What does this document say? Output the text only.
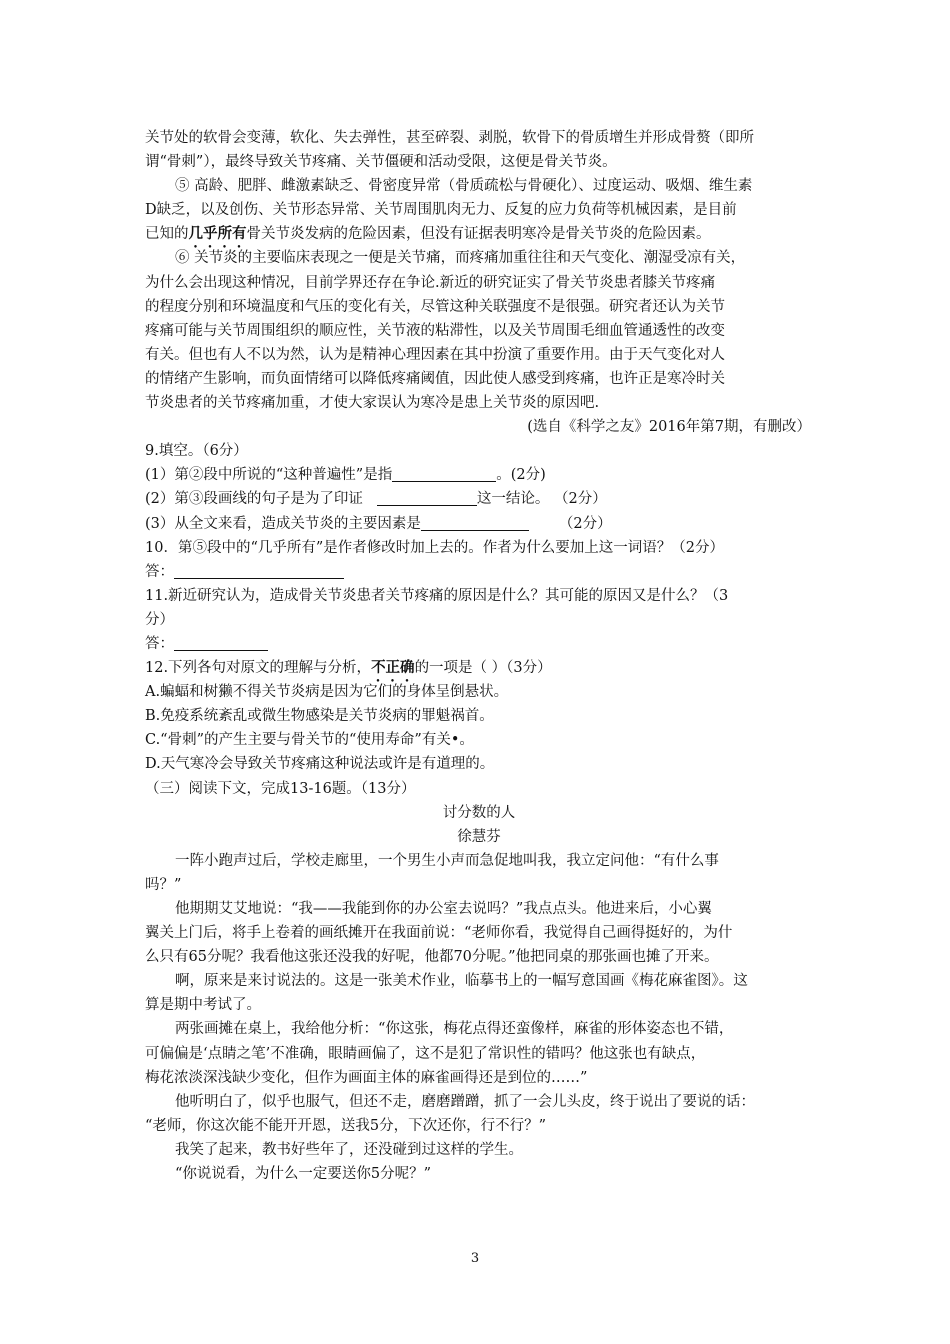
关节处的软骨会变薄，软化、失去弹性，甚至碎裂、剥脱，软骨下的骨质增生并形成骨赘（即所
谓“骨刺”），最终导致关节疼痛、关节僵硬和活动受限，这便是骨关节炎。
⑤ 高龄、肥胖、雌激素缺乏、骨密度异常（骨质疏松与骨硬化）、过度运动、吸烟、维生素
D缺乏，以及创伤、关节形态异常、关节周围肌肉无力、反复的应力负荷等机械因素，是目前
已知的几乎所有骨关节炎发病的危险因素，但没有证据表明寒冷是骨关节炎的危险因素。
⑥ 关节炎的主要临床表现之一便是关节痛，而疼痛加重往往和天气变化、潮湿受凉有关，
为什么会出现这种情况，目前学界还存在争论.新近的研究证实了骨关节炎患者膝关节疼痛
的程度分别和环境温度和气压的变化有关，尽管这种关联强度不是很强。研究者还认为关节
疼痛可能与关节周围组织的顺应性，关节液的粘滞性，以及关节周围毛细血管通透性的改变
有关。但也有人不以为然，认为是精神心理因素在其中扮演了重要作用。由于天气变化对人
的情绪产生影响，而负面情绪可以降低疼痛阈值，因此使人感受到疼痛，也许正是寒冷时关
节炎患者的关节疼痛加重，才使大家误认为寒冷是患上关节炎的原因吧.
(选自《科学之友》2016年第7期，有删改）
9.填空。（6分）
(1）第②段中所说的“这种普遍性”是指	。(2分)
(2）第③段画线的句子是为了印证	这一结论。 （2分）
(3）从全文来看，造成关节炎的主要因素是	（2分）
10．第⑤段中的“几乎所有”是作者修改时加上去的。作者为什么要加上这一词语？（2分）
答：
11.新近研究认为，造成骨关节炎患者关节疼痛的原因是什么？其可能的原因又是什么？（3
分）
答：
12.下列各句对原文的理解与分析，不正确的一项是（ ）（3分）
A.蝙蝠和树獭不得关节炎病是因为它们的身体呈倒悬状。
B.免疫系统紊乱或微生物感染是关节炎病的罪魁祸首。
C.“骨刺”的产生主要与骨关节的“使用寿命”有关•。
D.天气寒冷会导致关节疼痛这种说法或许是有道理的。
（三）阅读下文，完成13-16题。（13分）
讨分数的人
徐慧芬
一阵小跑声过后，学校走廊里，一个男生小声而急促地叫我，我立定问他：“有什么事
吗？”
他期期艾艾地说：“我——我能到你的办公室去说吗？”我点点头。他进来后，小心翼
翼关上门后，将手上卷着的画纸摊开在我面前说：“老师你看，我觉得自己画得挺好的，为什
么只有65分呢？我看他这张还没我的好呢，他都70分呢。”他把同桌的那张画也摊了开来。
啊，原来是来讨说法的。这是一张美术作业，临摹书上的一幅写意国画《梅花麻雀图》。这
算是期中考试了。
两张画摊在桌上，我给他分析：“你这张，梅花点得还蛮像样，麻雀的形体姿态也不错，
可偏偏是‘点睛之笔’不准确，眼睛画偏了，这不是犯了常识性的错吗？他这张也有缺点，
梅花浓淡深浅缺少变化，但作为画面主体的麻雀画得还是到位的……”
他听明白了，似乎也服气，但还不走，磨磨蹭蹭，抓了一会儿头皮，终于说出了要说的话：
“老师，你这次能不能开开恩，送我5分，下次还你，行不行？”
我笑了起来，教书好些年了，还没碰到过这样的学生。
“你说说看，为什么一定要送你5分呢？”
3
